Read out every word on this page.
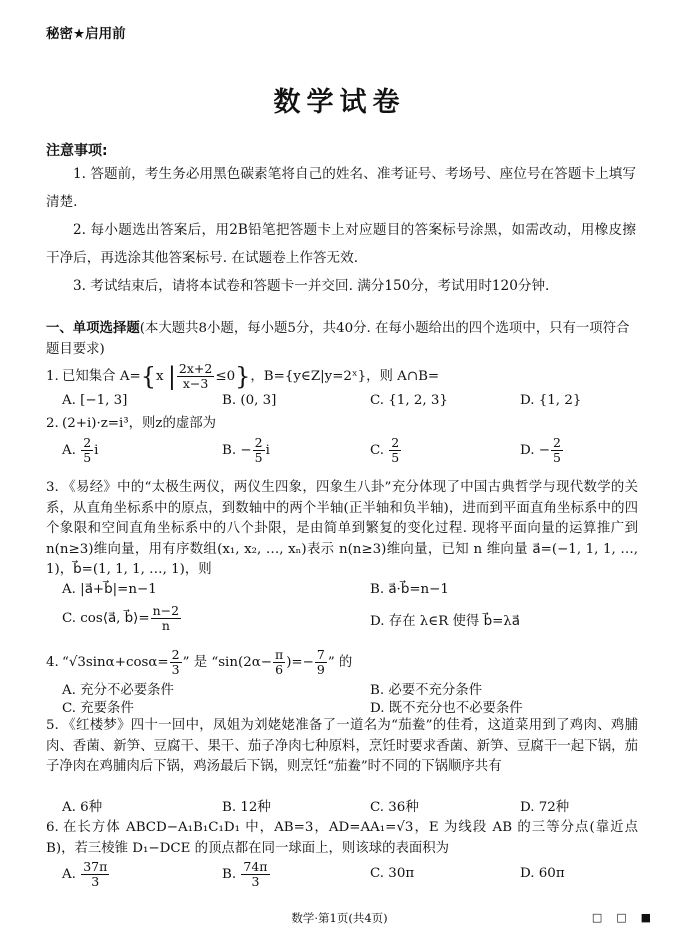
秘密★启用前
数学试卷
注意事项:
1. 答题前，考生务必用黑色碳素笔将自己的姓名、准考证号、考场号、座位号在答题卡上填写清楚.
2. 每小题选出答案后，用2B铅笔把答题卡上对应题目的答案标号涂黑，如需改动，用橡皮擦干净后，再选涂其他答案标号. 在试题卷上作答无效.
3. 考试结束后，请将本试卷和答题卡一并交回. 满分150分，考试用时120分钟.
一、单项选择题(本大题共8小题，每小题5分，共40分. 在每小题给出的四个选项中，只有一项符合题目要求)
1. 已知集合 A={x | $\frac{2x+2}{x-3} \le 0$}，B={y∈Z|y=2ˣ}，则 A∩B=
A. [−1, 3]	B. (0, 3]	C. {1, 2, 3}	D. {1, 2}
2. (2+i)·z=i³，则z的虚部为
A. $\frac{2}{5}$ i	B. − $\frac{2}{5}$ i	C. $\frac{2}{5}$	D. − $\frac{2}{5}$
3. 《易经》中的“太极生两仪，两仪生四象，四象生八卦”充分体现了中国古典哲学与现代数学的关系，从直角坐标系中的原点，到数轴中的两个半轴(正半轴和负半轴)，进而到平面直角坐标系中的四个象限和空间直角坐标系中的八个卦限，是由简单到繁复的变化过程. 现将平面向量的运算推广到 n(n≥3)维向量，用有序数组(x₁, x₂, …, xₙ)表示 n(n≥3)维向量，已知 n 维向量 a⃗=(−1, 1, 1, …, 1)，b⃗=(1, 1, 1, …, 1)，则
A. |a⃗+b⃗|=n−1	B. a⃗·b⃗=n−1
C. cos⟨a⃗, b⃗⟩= $\frac{n-2}{n}$	D. 存在 λ∈R 使得 b⃗=λa⃗
4. “$√3\sin\alpha+\cos\alpha= \frac{2}{3}$ ” 是 “$\sin(2\alpha- \frac{\pi}{6}$ )=− $\frac{7}{9}$ ” 的
A. 充分不必要条件	B. 必要不充分条件
C. 充要条件	D. 既不充分也不必要条件
5. 《红楼梦》四十一回中，凤姐为刘姥姥准备了一道名为“茄鲞”的佳肴，这道菜用到了鸡肉、鸡脯肉、香菌、新笋、豆腐干、果干、茄子净肉七种原料，烹饪时要求香菌、新笋、豆腐干一起下锅，茄子净肉在鸡脯肉后下锅，鸡汤最后下锅，则烹饪“茄鲞”时不同的下锅顺序共有
A. 6种	B. 12种	C. 36种	D. 72种
6. 在长方体 ABCD−A₁B₁C₁D₁ 中，AB=3，AD=AA₁=√3，E 为线段 AB 的三等分点(靠近点 B)，若三棱锥 D₁−DCE 的顶点都在同一球面上，则该球的表面积为
A. $\frac{37\pi}{3}$	B. $\frac{74\pi}{3}$	C. 30π	D. 60π
数学·第1页(共4页)	□□■
